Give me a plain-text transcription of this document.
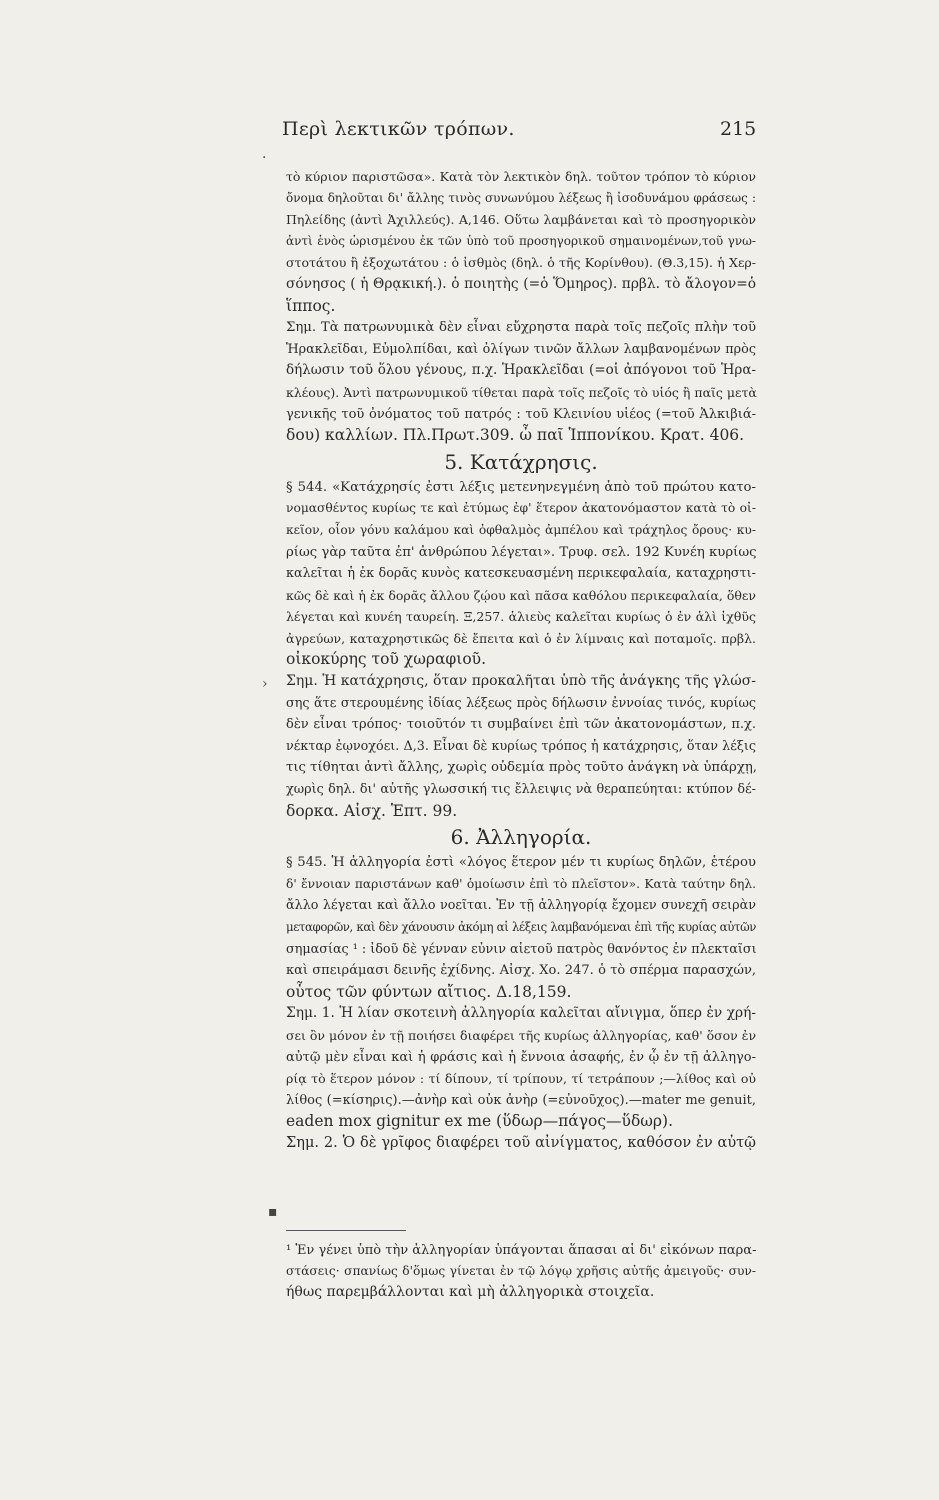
Περὶ λεκτικῶν τρόπων.	215
·
›
▪
τὸ κύριον παριστῶσα». Κατὰ τὸν λεκτικὸν δηλ. τοῦτον τρόπον τὸ κύριον
ὄνομα δηλοῦται δι' ἄλλης τινὸς συνωνύμου λέξεως ἢ ἰσοδυνάμου φράσεως :
Πηλείδης (ἀντὶ Ἀχιλλεύς). Α,146. Οὕτω λαμβάνεται καὶ τὸ προσηγορικὸν
ἀντὶ ἑνὸς ὡρισμένου ἐκ τῶν ὑπὸ τοῦ προσηγορικοῦ σημαινομένων,τοῦ γνω-
στοτάτου ἢ ἐξοχωτάτου : ὁ ἰσθμὸς (δηλ. ὁ τῆς Κορίνθου). (Θ.3,15). ἡ Χερ-
σόνησος ( ἡ Θρᾳκική.). ὁ ποιητὴς (=ὁ Ὅμηρος). πρβλ. τὸ ἄλογον=ὁ
ἵππος.
Σημ. Τὰ πατρωνυμικὰ δὲν εἶναι εὔχρηστα παρὰ τοῖς πεζοῖς πλὴν τοῦ
Ἡρακλεῖδαι, Εὐμολπίδαι, καὶ ὀλίγων τινῶν ἄλλων λαμβανομένων πρὸς
δήλωσιν τοῦ ὅλου γένους, π.χ. Ἡρακλεῖδαι (=οἱ ἀπόγονοι τοῦ Ἡρα-
κλέους). Ἀντὶ πατρωνυμικοῦ τίθεται παρὰ τοῖς πεζοῖς τὸ υἱός ἢ παῖς μετὰ
γενικῆς τοῦ ὀνόματος τοῦ πατρός : τοῦ Κλεινίου υἱέος (=τοῦ Ἀλκιβιά-
δου) καλλίων. Πλ.Πρωτ.309. ὦ παῖ Ἱππονίκου. Κρατ. 406.
5. Κατάχρησις.
§ 544. «Κατάχρησίς ἐστι λέξις μετενηνεγμένη ἀπὸ τοῦ πρώτου κατο-
νομασθέντος κυρίως τε καὶ ἐτύμως ἐφ' ἕτερον ἀκατονόμαστον κατὰ τὸ οἰ-
κεῖον, οἷον γόνυ καλάμου καὶ ὀφθαλμὸς ἀμπέλου καὶ τράχηλος ὄρους· κυ-
ρίως γὰρ ταῦτα ἐπ' ἀνθρώπου λέγεται». Τρυφ. σελ. 192 Κυνέη κυρίως
καλεῖται ἡ ἐκ δορᾶς κυνὸς κατεσκευασμένη περικεφαλαία, καταχρηστι-
κῶς δὲ καὶ ἡ ἐκ δορᾶς ἄλλου ζῴου καὶ πᾶσα καθόλου περικεφαλαία, ὅθεν
λέγεται καὶ κυνέη ταυρείη. Ξ,257. ἁλιεὺς καλεῖται κυρίως ὁ ἐν ἁλὶ ἰχθῦς
ἀγρεύων, καταχρηστικῶς δὲ ἔπειτα καὶ ὁ ἐν λίμναις καὶ ποταμοῖς. πρβλ.
οἰκοκύρης τοῦ χωραφιοῦ.
Σημ. Ἡ κατάχρησις, ὅταν προκαλῆται ὑπὸ τῆς ἀνάγκης τῆς γλώσ-
σης ἅτε στερουμένης ἰδίας λέξεως πρὸς δήλωσιν ἐννοίας τινός, κυρίως
δὲν εἶναι τρόπος· τοιοῦτόν τι συμβαίνει ἐπὶ τῶν ἀκατονομάστων, π.χ.
νέκταρ ἐῳνοχόει. Δ,3. Εἶναι δὲ κυρίως τρόπος ἡ κατάχρησις, ὅταν λέξις
τις τίθηται ἀντὶ ἄλλης, χωρὶς οὐδεμία πρὸς τοῦτο ἀνάγκη νὰ ὑπάρχῃ,
χωρὶς δηλ. δι' αὐτῆς γλωσσική τις ἔλλειψις νὰ θεραπεύηται: κτύπον δέ-
δορκα. Αἰσχ. Ἑπτ. 99.
6. Ἀλληγορία.
§ 545. Ἡ ἀλληγορία ἐστὶ «λόγος ἕτερον μέν τι κυρίως δηλῶν, ἑτέρου
δ' ἔννοιαν παριστάνων καθ' ὁμοίωσιν ἐπὶ τὸ πλεῖστον». Κατὰ ταύτην δηλ.
ἄλλο λέγεται καὶ ἄλλο νοεῖται. Ἐν τῇ ἀλληγορίᾳ ἔχομεν συνεχῆ σειρὰν
μεταφορῶν, καὶ δὲν χάνουσιν ἀκόμη αἱ λέξεις λαμβανόμεναι ἐπὶ τῆς κυρίας αὐτῶν
σημασίας ¹ : ἰδοῦ δὲ γένναν εὐνιν αἰετοῦ πατρὸς θανόντος ἐν πλεκταῖσι
καὶ σπειράμασι δεινῆς ἐχίδνης. Αἰσχ. Χο. 247. ὁ τὸ σπέρμα παρασχών,
οὗτος τῶν φύντων αἴτιος. Δ.18,159.
Σημ. 1. Ἡ λίαν σκοτεινὴ ἀλληγορία καλεῖται αἴνιγμα, ὅπερ ἐν χρή-
σει ὂν μόνον ἐν τῇ ποιήσει διαφέρει τῆς κυρίως ἀλληγορίας, καθ' ὅσον ἐν
αὐτῷ μὲν εἶναι καὶ ἡ φράσις καὶ ἡ ἔννοια ἀσαφής, ἐν ᾧ ἐν τῇ ἀλληγο-
ρίᾳ τὸ ἕτερον μόνον : τί δίπουν, τί τρίπουν, τί τετράπουν ;—λίθος καὶ οὐ
λίθος (=κίσηρις).—ἀνὴρ καὶ οὐκ ἀνὴρ (=εὐνοῦχος).—mater me genuit,
eaden mox gignitur ex me (ὕδωρ—πάγος—ὕδωρ).
Σημ. 2. Ὁ δὲ γρῖφος διαφέρει τοῦ αἰνίγματος, καθόσον ἐν αὐτῷ
¹ Ἐν γένει ὑπὸ τὴν ἀλληγορίαν ὑπάγονται ἅπασαι αἱ δι' εἰκόνων παρα-
στάσεις· σπανίως δ'ὅμως γίνεται ἐν τῷ λόγῳ χρῆσις αὐτῆς ἀμειγοῦς· συν-
ήθως παρεμβάλλονται καὶ μὴ ἀλληγορικὰ στοιχεῖα.
